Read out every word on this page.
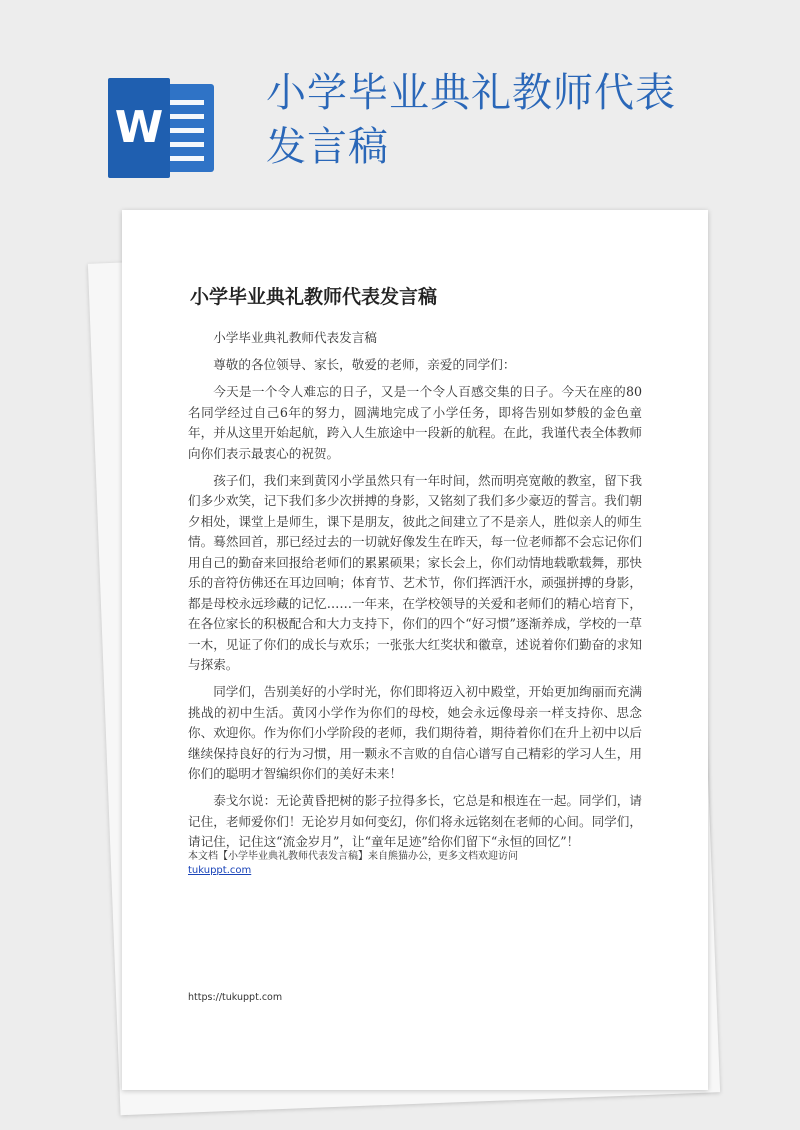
W
小学毕业典礼教师代表发言稿
小学毕业典礼教师代表发言稿

小学毕业典礼教师代表发言稿

尊敬的各位领导、家长，敬爱的老师，亲爱的同学们：

今天是一个令人难忘的日子，又是一个令人百感交集的日子。今天在座的80名同学经过自己6年的努力，圆满地完成了小学任务，即将告别如梦般的金色童年，并从这里开始起航，跨入人生旅途中一段新的航程。在此，我谨代表全体教师向你们表示最衷心的祝贺。

孩子们，我们来到黄冈小学虽然只有一年时间，然而明亮宽敞的教室，留下我们多少欢笑，记下我们多少次拼搏的身影，又铭刻了我们多少豪迈的誓言。我们朝夕相处，课堂上是师生，课下是朋友，彼此之间建立了不是亲人，胜似亲人的师生情。蓦然回首，那已经过去的一切就好像发生在昨天，每一位老师都不会忘记你们用自己的勤奋来回报给老师们的累累硕果；家长会上，你们动情地载歌载舞，那快乐的音符仿佛还在耳边回响；体育节、艺术节，你们挥洒汗水，顽强拼搏的身影，都是母校永远珍藏的记忆……一年来，在学校领导的关爱和老师们的精心培育下，在各位家长的积极配合和大力支持下，你们的四个“好习惯”逐渐养成，学校的一草一木，见证了你们的成长与欢乐；一张张大红奖状和徽章，述说着你们勤奋的求知与探索。

同学们，告别美好的小学时光，你们即将迈入初中殿堂，开始更加绚丽而充满挑战的初中生活。黄冈小学作为你们的母校，她会永远像母亲一样支持你、思念你、欢迎你。作为你们小学阶段的老师，我们期待着，期待着你们在升上初中以后继续保持良好的行为习惯，用一颗永不言败的自信心谱写自己精彩的学习人生，用你们的聪明才智编织你们的美好未来！

泰戈尔说：无论黄昏把树的影子拉得多长，它总是和根连在一起。同学们，请记住，老师爱你们！无论岁月如何变幻，你们将永远铭刻在老师的心间。同学们，请记住，记住这“流金岁月”，让“童年足迹”给你们留下“永恒的回忆”！

本文档【小学毕业典礼教师代表发言稿】来自熊猫办公，更多文档欢迎访问
tukuppt.com
https://tukuppt.com
